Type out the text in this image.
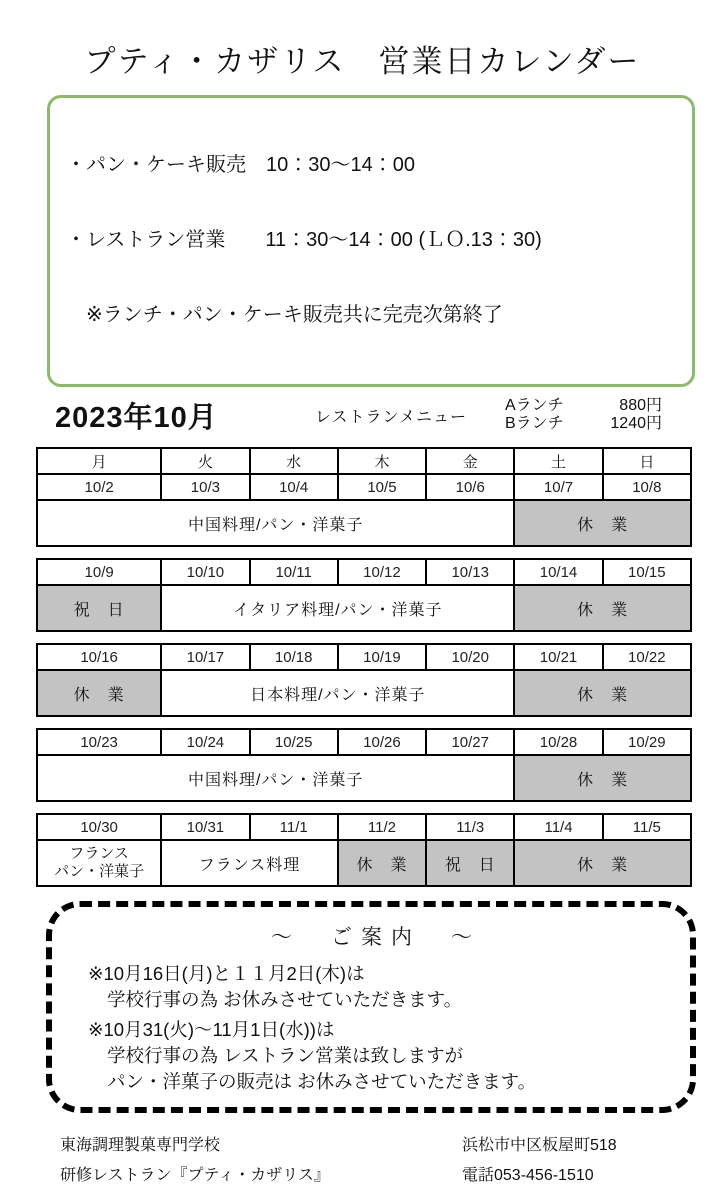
プティ・カザリス　営業日カレンダー

・パン・ケーキ販売　10：30～14：00

・レストラン営業　　11：30～14：00 (ＬＯ.13：30)

　※ランチ・パン・ケーキ販売共に完売次第終了

2023年10月	レストランメニュー
Aランチ	880円
Bランチ	1240円
月	火	水	木	金	土	日
10/2	10/3	10/4	10/5	10/6	10/7	10/8
中国料理/パン・洋菓子					休　業	
10/9	10/10	10/11	10/12	10/13	10/14	10/15
祝　日	イタリア料理/パン・洋菓子				休　業	
10/16	10/17	10/18	10/19	10/20	10/21	10/22
休　業	日本料理/パン・洋菓子				休　業	
10/23	10/24	10/25	10/26	10/27	10/28	10/29
中国料理/パン・洋菓子					休　業	
10/30	10/31	11/1	11/2	11/3	11/4	11/5
フランス
パン・洋菓子	フランス料理		休　業	祝　日	休　業	
～　ご案内　～
※10月16日(月)と１１月2日(木)は
学校行事の為 お休みさせていただきます。
※10月31(火)～11月1日(水))は
学校行事の為 レストラン営業は致しますが
パン・洋菓子の販売は お休みさせていただきます。
東海調理製菓専門学校
研修レストラン『プティ・カザリス』
浜松市中区板屋町518
電話053-456-1510
